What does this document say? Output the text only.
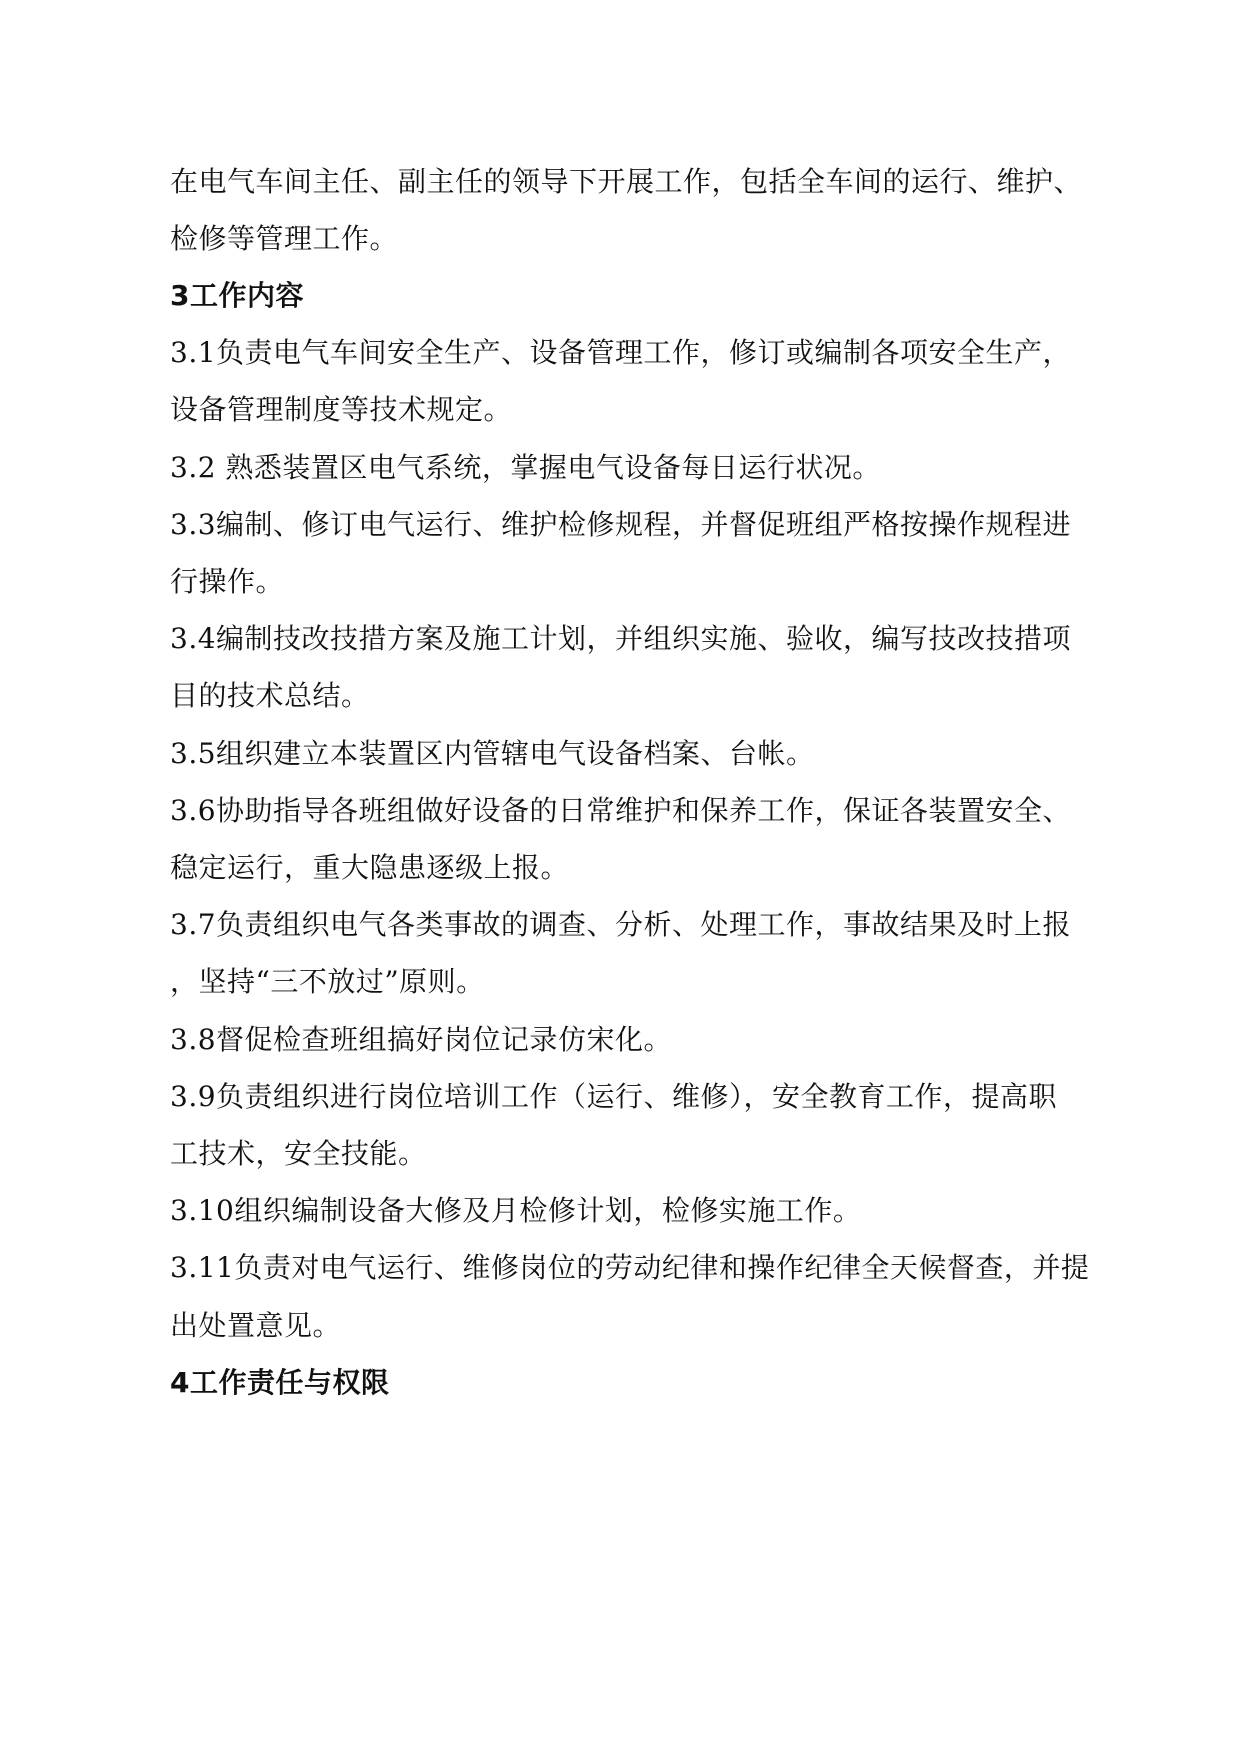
在电气车间主任、副主任的领导下开展工作，包括全车间的运行、维护、
检修等管理工作。
3工作内容
3.1负责电气车间安全生产、设备管理工作，修订或编制各项安全生产，
设备管理制度等技术规定。
3.2 熟悉装置区电气系统，掌握电气设备每日运行状况。
3.3编制、修订电气运行、维护检修规程，并督促班组严格按操作规程进
行操作。
3.4编制技改技措方案及施工计划，并组织实施、验收，编写技改技措项
目的技术总结。
3.5组织建立本装置区内管辖电气设备档案、台帐。
3.6协助指导各班组做好设备的日常维护和保养工作，保证各装置安全、
稳定运行，重大隐患逐级上报。
3.7负责组织电气各类事故的调查、分析、处理工作，事故结果及时上报
，坚持“三不放过”原则。
3.8督促检查班组搞好岗位记录仿宋化。
3.9负责组织进行岗位培训工作（运行、维修），安全教育工作，提高职
工技术，安全技能。
3.10组织编制设备大修及月检修计划，检修实施工作。
3.11负责对电气运行、维修岗位的劳动纪律和操作纪律全天候督查，并提
出处置意见。
4工作责任与权限
